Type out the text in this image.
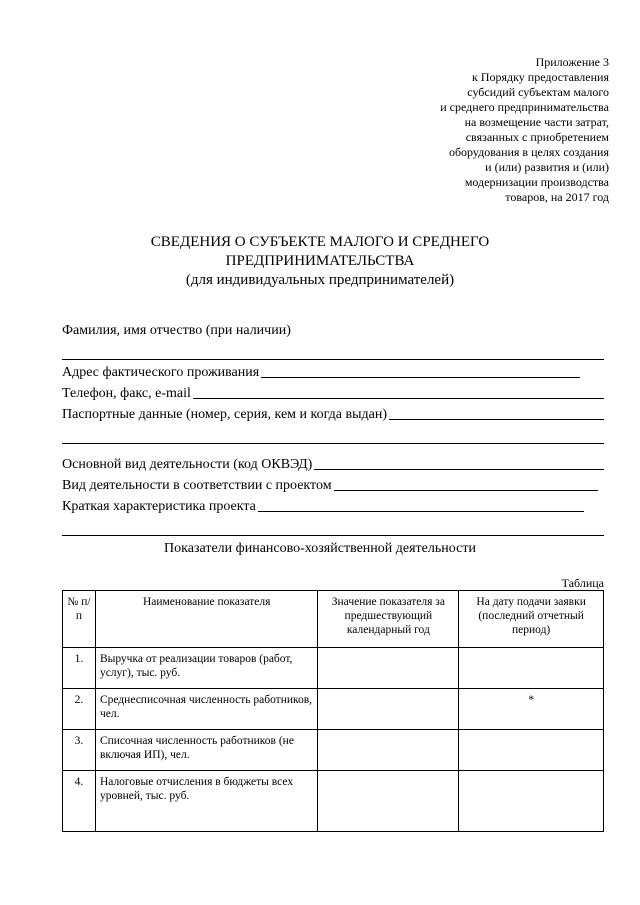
Приложение 3
к Порядку предоставления
субсидий субъектам малого
и среднего предпринимательства
на возмещение части затрат,
связанных с приобретением
оборудования в целях создания
и (или) развития и (или)
модернизации производства
товаров, на 2017 год
СВЕДЕНИЯ О СУБЪЕКТЕ МАЛОГО И СРЕДНЕГО
ПРЕДПРИНИМАТЕЛЬСТВА
(для индивидуальных предпринимателей)
Фамилия, имя отчество (при наличии)
Адрес фактического проживания
Телефон, факс, e-mail
Паспортные данные (номер, серия, кем и когда выдан)
Основной вид деятельности (код ОКВЭД)
Вид деятельности в соответствии с проектом
Краткая характеристика проекта
Показатели финансово-хозяйственной деятельности
Таблица
№ п/п	Наименование показателя	Значение показателя за предшествующий календарный год	На дату подачи заявки (последний отчетный период)
1.	Выручка от реализации товаров (работ, услуг), тыс. руб.		
2.	Среднесписочная численность работников, чел.		*
3.	Списочная численность работников (не включая ИП), чел.		
4.	Налоговые отчисления в бюджеты всех уровней, тыс. руб.		
